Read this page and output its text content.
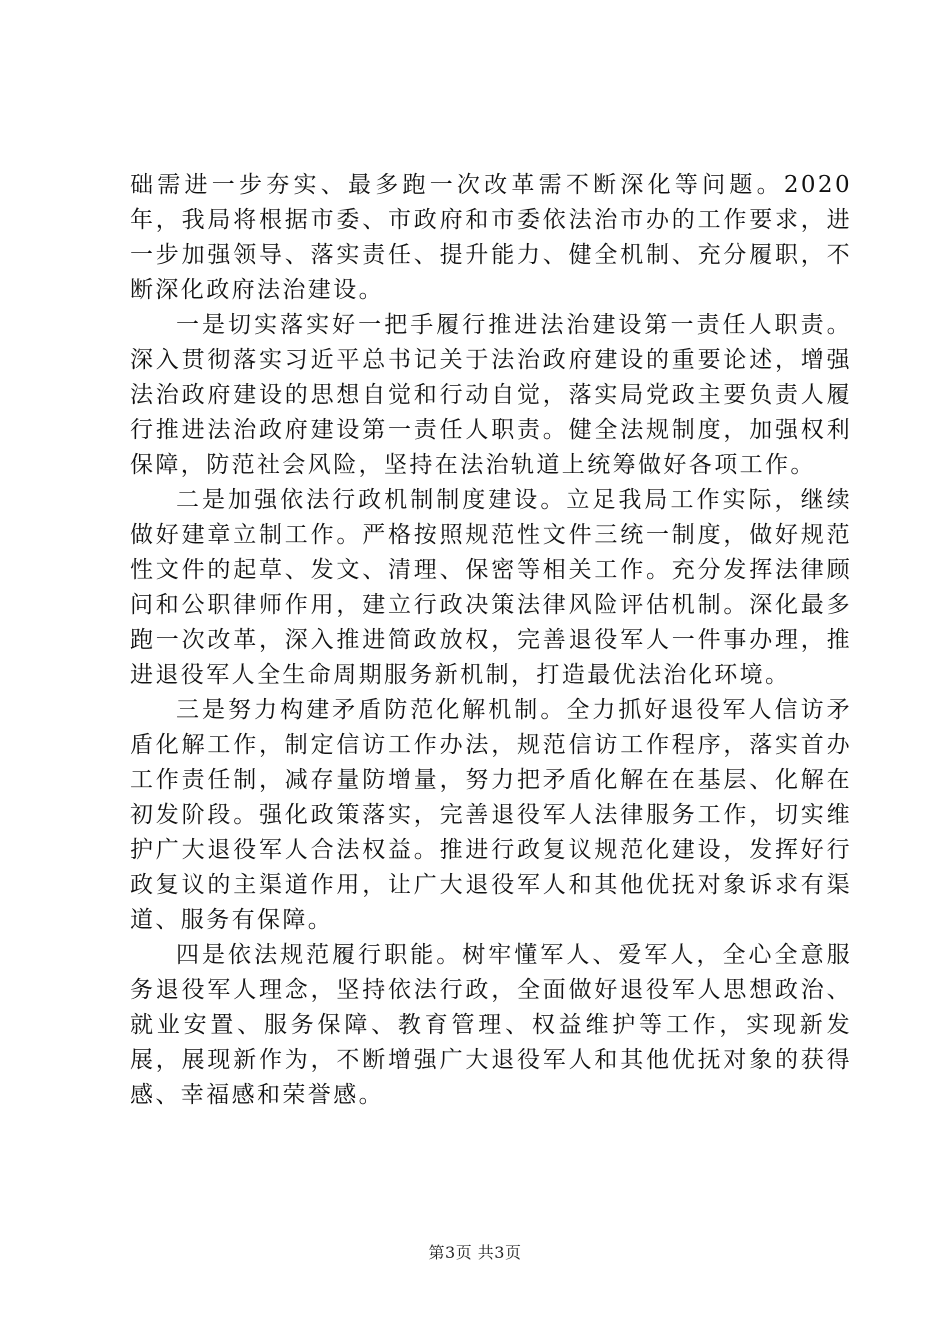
础需进一步夯实、最多跑一次改革需不断深化等问题。2020年，我局将根据市委、市政府和市委依法治市办的工作要求，进一步加强领导、落实责任、提升能力、健全机制、充分履职，不断深化政府法治建设。

一是切实落实好一把手履行推进法治建设第一责任人职责。深入贯彻落实习近平总书记关于法治政府建设的重要论述，增强法治政府建设的思想自觉和行动自觉，落实局党政主要负责人履行推进法治政府建设第一责任人职责。健全法规制度，加强权利保障，防范社会风险，坚持在法治轨道上统筹做好各项工作。

二是加强依法行政机制制度建设。立足我局工作实际，继续做好建章立制工作。严格按照规范性文件三统一制度，做好规范性文件的起草、发文、清理、保密等相关工作。充分发挥法律顾问和公职律师作用，建立行政决策法律风险评估机制。深化最多跑一次改革，深入推进简政放权，完善退役军人一件事办理，推进退役军人全生命周期服务新机制，打造最优法治化环境。

三是努力构建矛盾防范化解机制。全力抓好退役军人信访矛盾化解工作，制定信访工作办法，规范信访工作程序，落实首办工作责任制，减存量防增量，努力把矛盾化解在在基层、化解在初发阶段。强化政策落实，完善退役军人法律服务工作，切实维护广大退役军人合法权益。推进行政复议规范化建设，发挥好行政复议的主渠道作用，让广大退役军人和其他优抚对象诉求有渠道、服务有保障。

四是依法规范履行职能。树牢懂军人、爱军人，全心全意服务退役军人理念，坚持依法行政，全面做好退役军人思想政治、就业安置、服务保障、教育管理、权益维护等工作，实现新发展，展现新作为，不断增强广大退役军人和其他优抚对象的获得感、幸福感和荣誉感。

第3页 共3页
